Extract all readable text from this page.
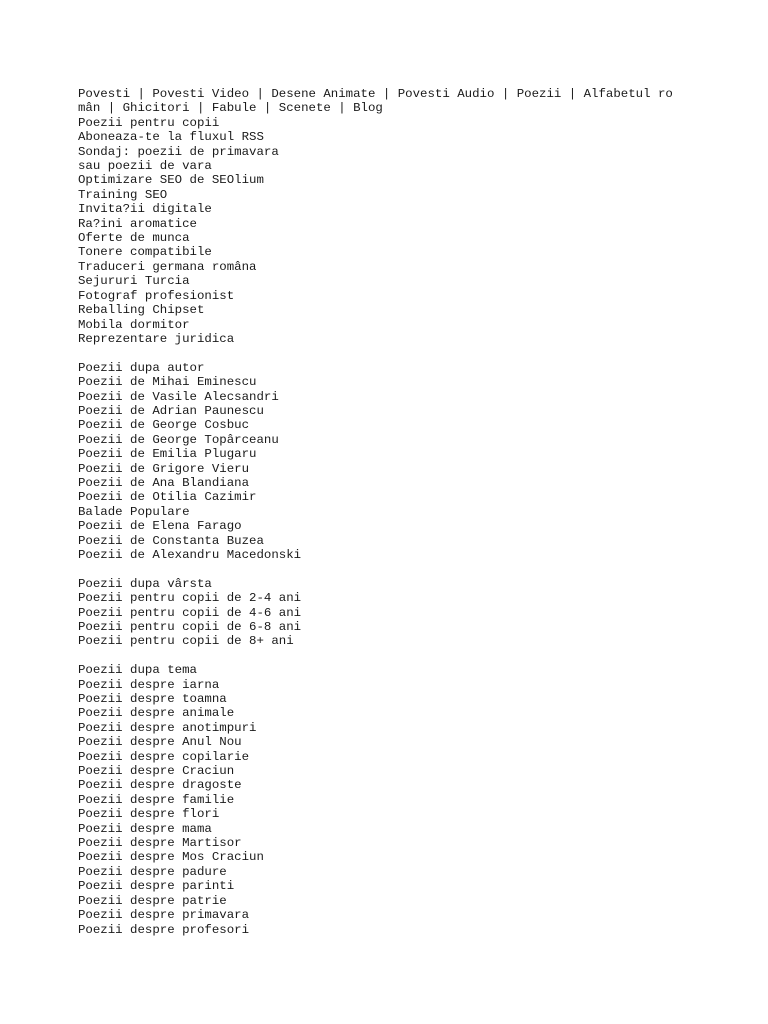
Povesti | Povesti Video | Desene Animate | Povesti Audio | Poezii | Alfabetul ro
mân | Ghicitori | Fabule | Scenete | Blog
Poezii pentru copii
Aboneaza-te la fluxul RSS
Sondaj: poezii de primavara
sau poezii de vara
Optimizare SEO de SEOlium
Training SEO
Invita?ii digitale
Ra?ini aromatice
Oferte de munca
Tonere compatibile
Traduceri germana româna
Sejururi Turcia
Fotograf profesionist
Reballing Chipset
Mobila dormitor
Reprezentare juridica
Poezii dupa autor
Poezii de Mihai Eminescu
Poezii de Vasile Alecsandri
Poezii de Adrian Paunescu
Poezii de George Cosbuc
Poezii de George Topârceanu
Poezii de Emilia Plugaru
Poezii de Grigore Vieru
Poezii de Ana Blandiana
Poezii de Otilia Cazimir
Balade Populare
Poezii de Elena Farago
Poezii de Constanta Buzea
Poezii de Alexandru Macedonski
Poezii dupa vârsta
Poezii pentru copii de 2-4 ani
Poezii pentru copii de 4-6 ani
Poezii pentru copii de 6-8 ani
Poezii pentru copii de 8+ ani
Poezii dupa tema
Poezii despre iarna
Poezii despre toamna
Poezii despre animale
Poezii despre anotimpuri
Poezii despre Anul Nou
Poezii despre copilarie
Poezii despre Craciun
Poezii despre dragoste
Poezii despre familie
Poezii despre flori
Poezii despre mama
Poezii despre Martisor
Poezii despre Mos Craciun
Poezii despre padure
Poezii despre parinti
Poezii despre patrie
Poezii despre primavara
Poezii despre profesori
